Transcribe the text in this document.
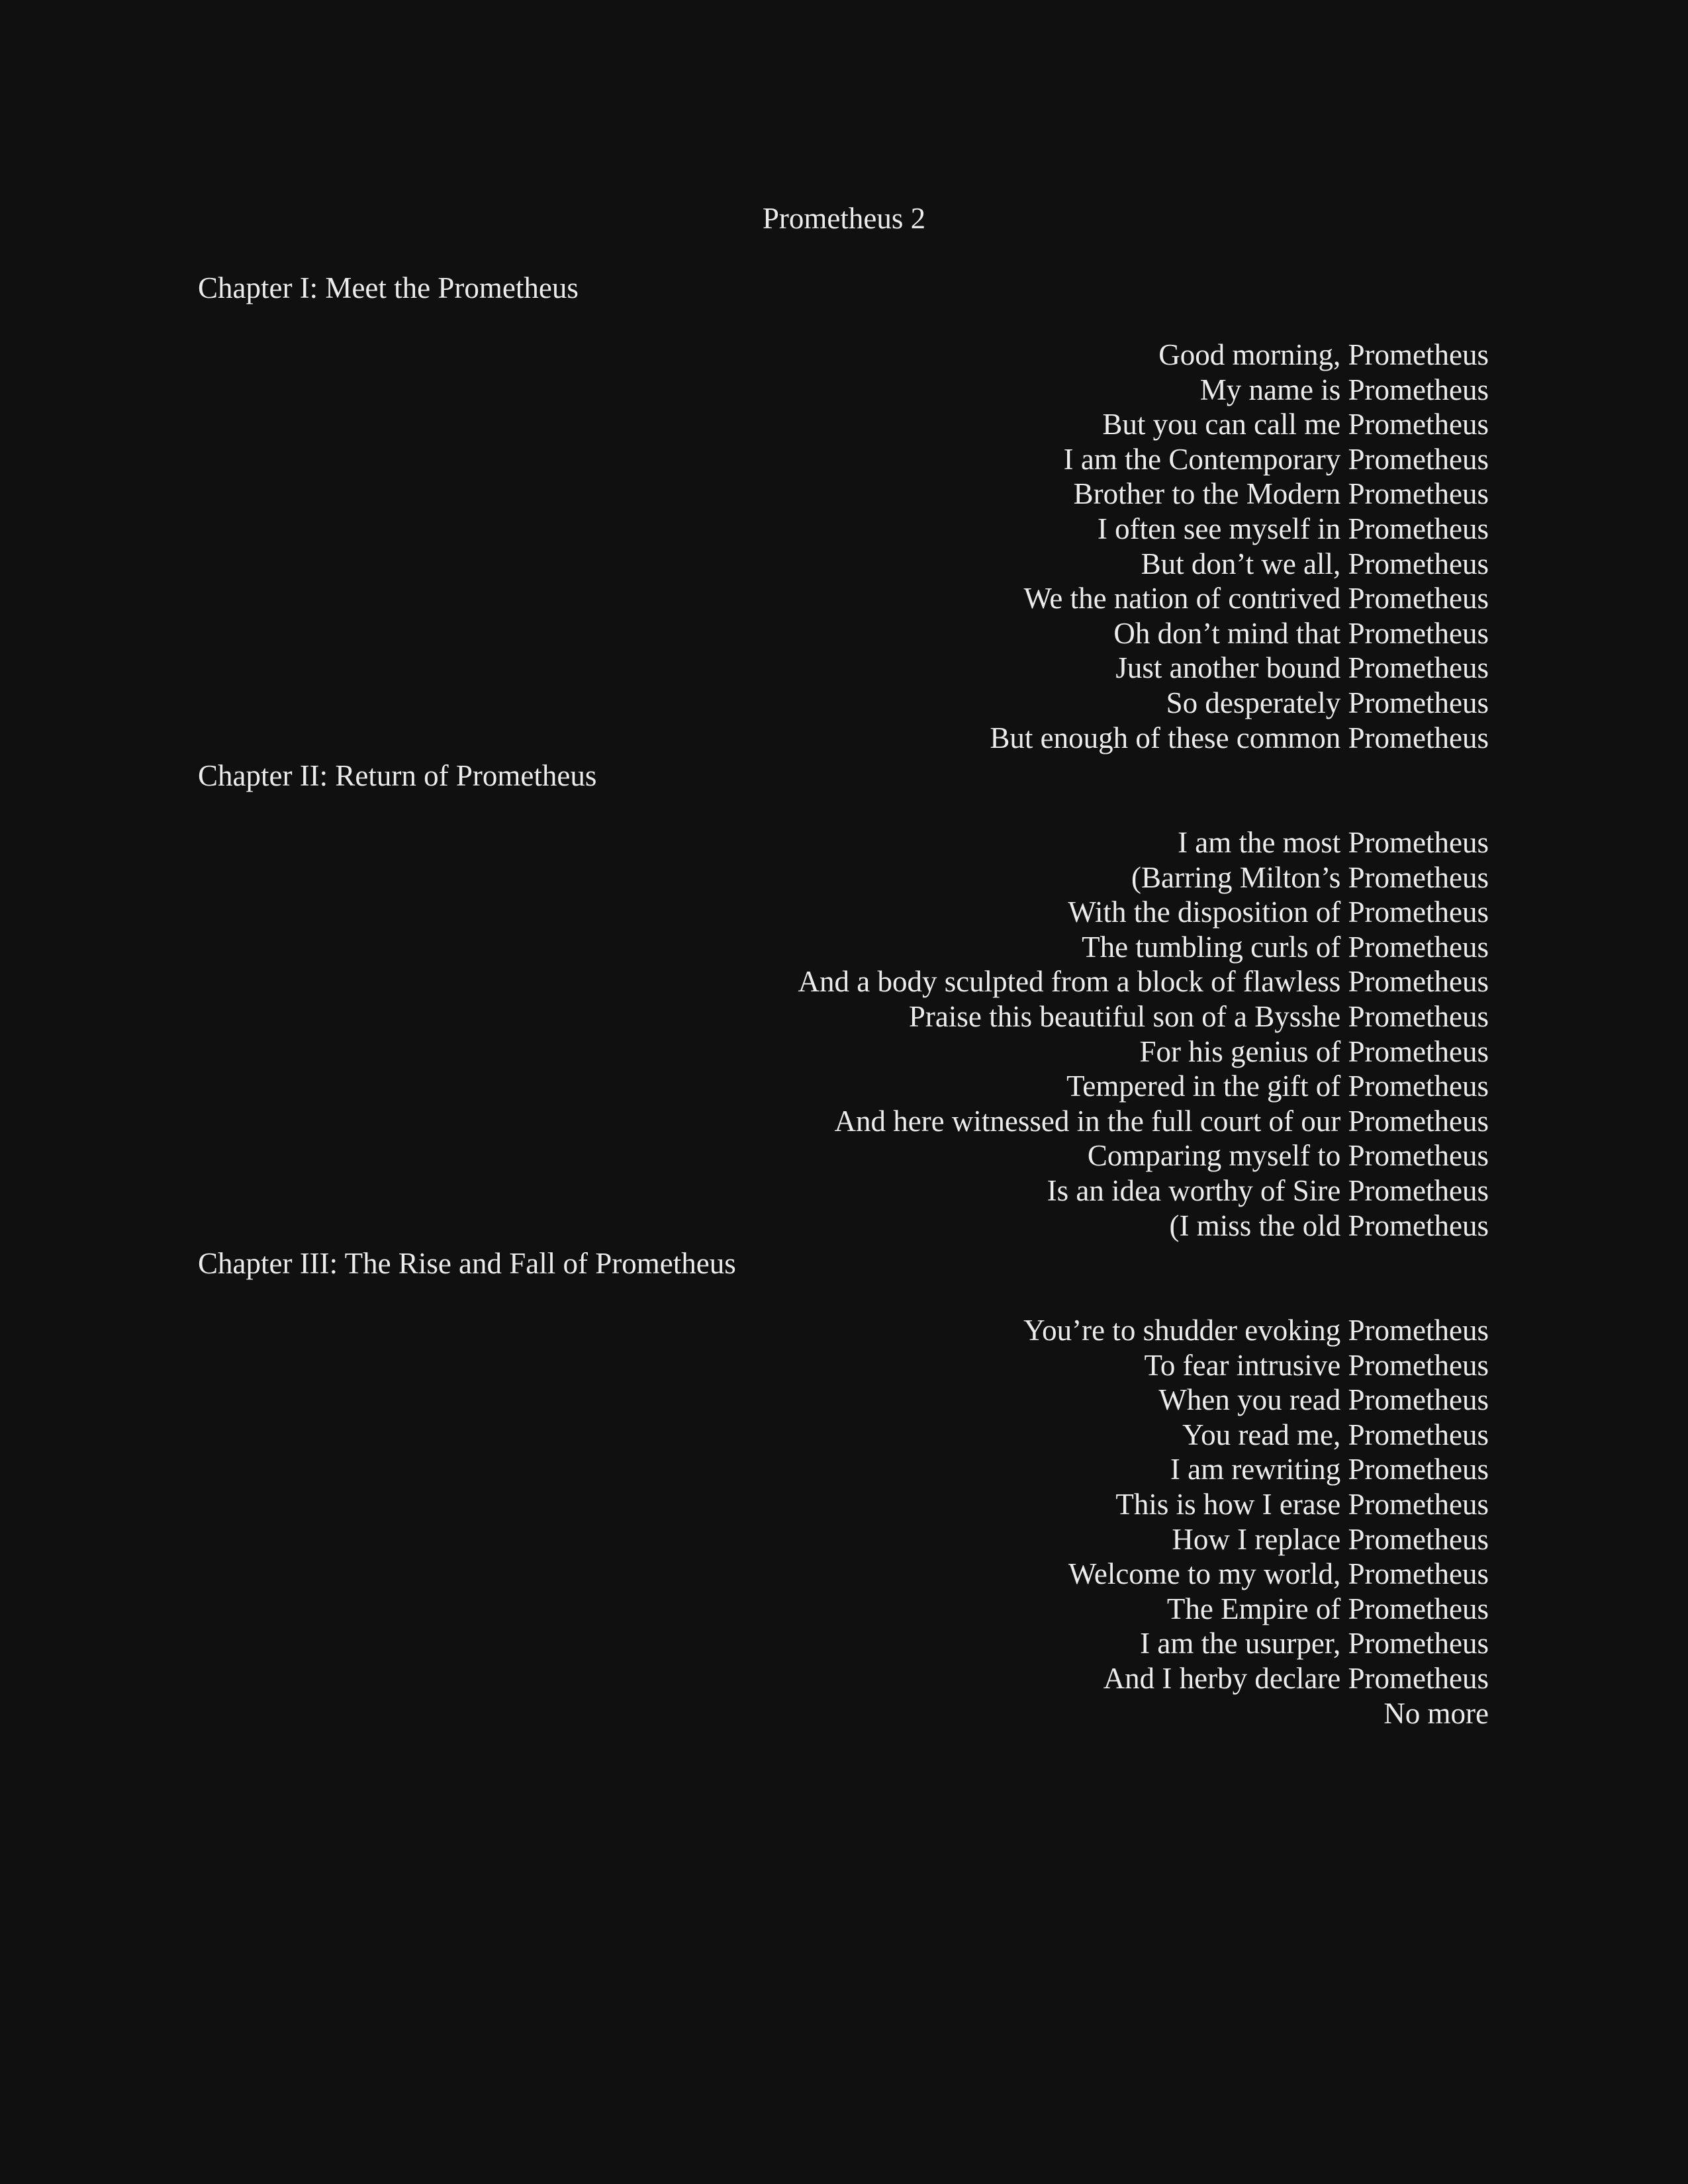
Prometheus 2
Chapter I: Meet the Prometheus
Good morning, Prometheus
My name is Prometheus
But you can call me Prometheus
I am the Contemporary Prometheus
Brother to the Modern Prometheus
I often see myself in Prometheus
But don’t we all, Prometheus
We the nation of contrived Prometheus
Oh don’t mind that Prometheus
Just another bound Prometheus
So desperately Prometheus
But enough of these common Prometheus
Chapter II: Return of Prometheus
I am the most Prometheus
(Barring Milton’s Prometheus
With the disposition of Prometheus
The tumbling curls of Prometheus
And a body sculpted from a block of flawless Prometheus
Praise this beautiful son of a Bysshe Prometheus
For his genius of Prometheus
Tempered in the gift of Prometheus
And here witnessed in the full court of our Prometheus
Comparing myself to Prometheus
Is an idea worthy of Sire Prometheus
(I miss the old Prometheus
Chapter III: The Rise and Fall of Prometheus
You’re to shudder evoking Prometheus
To fear intrusive Prometheus
When you read Prometheus
You read me, Prometheus
I am rewriting Prometheus
This is how I erase Prometheus
How I replace Prometheus
Welcome to my world, Prometheus
The Empire of Prometheus
I am the usurper, Prometheus
And I herby declare Prometheus
No more
